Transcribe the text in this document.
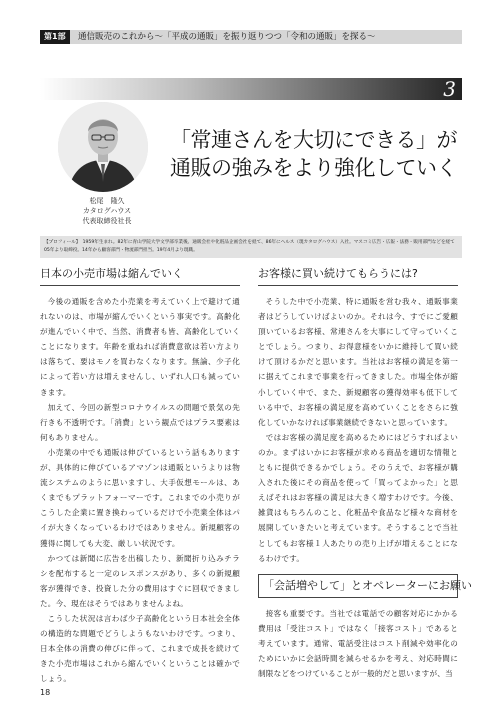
第1部	通信販売のこれから～「平成の通販」を振り返りつつ「令和の通販」を探る～
3
松尾　隆久
カタログハウス
代表取締役社長
「常連さんを大切にできる」が
通販の強みをより強化していく
【プロフィール】　1959年生まれ。82年に青山学院大学文学部卒業後、通販会社や化粧品企画会社を経て、86年にヘルス（現カタログハウス）入社。マスコミ広告・広報・法務・販用部門などを経て05年より取締役。14年から顧客部門・物流部門担当。19年4月より現職。
日本の小売市場は縮んでいく

今後の通販を含めた小売業を考えていく上で避けて通れないのは、市場が縮んでいくという事実です。高齢化が進んでいく中で、当然、消費者も皆、高齢化していくことになります。年齢を重ねれば消費意欲は若い方よりは落ちて、要はモノを買わなくなります。無論、少子化によって若い方は増えませんし、いずれ人口も減っていきます。

加えて、今回の新型コロナウイルスの問題で景気の先行きも不透明です。「消費」という観点ではプラス要素は何もありません。

小売業の中でも通販は伸びているという話もありますが、具体的に伸びているアマゾンは通販というよりは物流システムのように思いますし、大手仮想モールは、あくまでもプラットフォーマーです。これまでの小売りがこうした企業に置き換わっているだけで小売業全体はパイが大きくなっているわけではありません。新規顧客の獲得に関しても大変、厳しい状況です。

かつては新聞に広告を出稿したり、新聞折り込みチラシを配布すると一定のレスポンスがあり、多くの新規顧客が獲得でき、投資した分の費用はすぐに回収できました。今、現在はそうではありませんよね。

こうした状況は言わば少子高齢化という日本社会全体の構造的な問題でどうしようもないわけです。つまり、日本全体の消費の伸びに伴って、これまで成長を続けてきた小売市場はこれから縮んでいくということは確かでしょう。

お客様に買い続けてもらうには?

そうした中で小売業、特に通販を営む我々、通販事業者はどうしていけばよいのか。それは今、すでにご愛顧頂いているお客様、常連さんを大事にして守っていくことでしょう。つまり、お得意様をいかに維持して買い続けて頂けるかだと思います。当社はお客様の満足を第一に据えてこれまで事業を行ってきました。市場全体が縮小していく中で、また、新規顧客の獲得効率も低下している中で、お客様の満足度を高めていくことをさらに強化していかなければ事業継続できないと思っています。

ではお客様の満足度を高めるためにはどうすればよいのか。まずはいかにお客様が求める商品を適切な情報とともに提供できるかでしょう。そのうえで、お客様が購入された後にその商品を使って「買ってよかった」と思えばそれはお客様の満足は大きく増すわけです。今後、雑貨はもちろんのこと、化粧品や食品など様々な商材を展開していきたいと考えています。そうすることで当社としてもお客様１人あたりの売り上げが増えることになるわけです。

「会話増やして」とオペレーターにお願い

接客も重要です。当社では電話での顧客対応にかかる費用は「受注コスト」ではなく「接客コスト」であると考えています。通常、電話受注はコスト削減や効率化のためにいかに会話時間を減らせるかを考え、対応時間に制限などをつけていることが一般的だと思いますが、当

18
